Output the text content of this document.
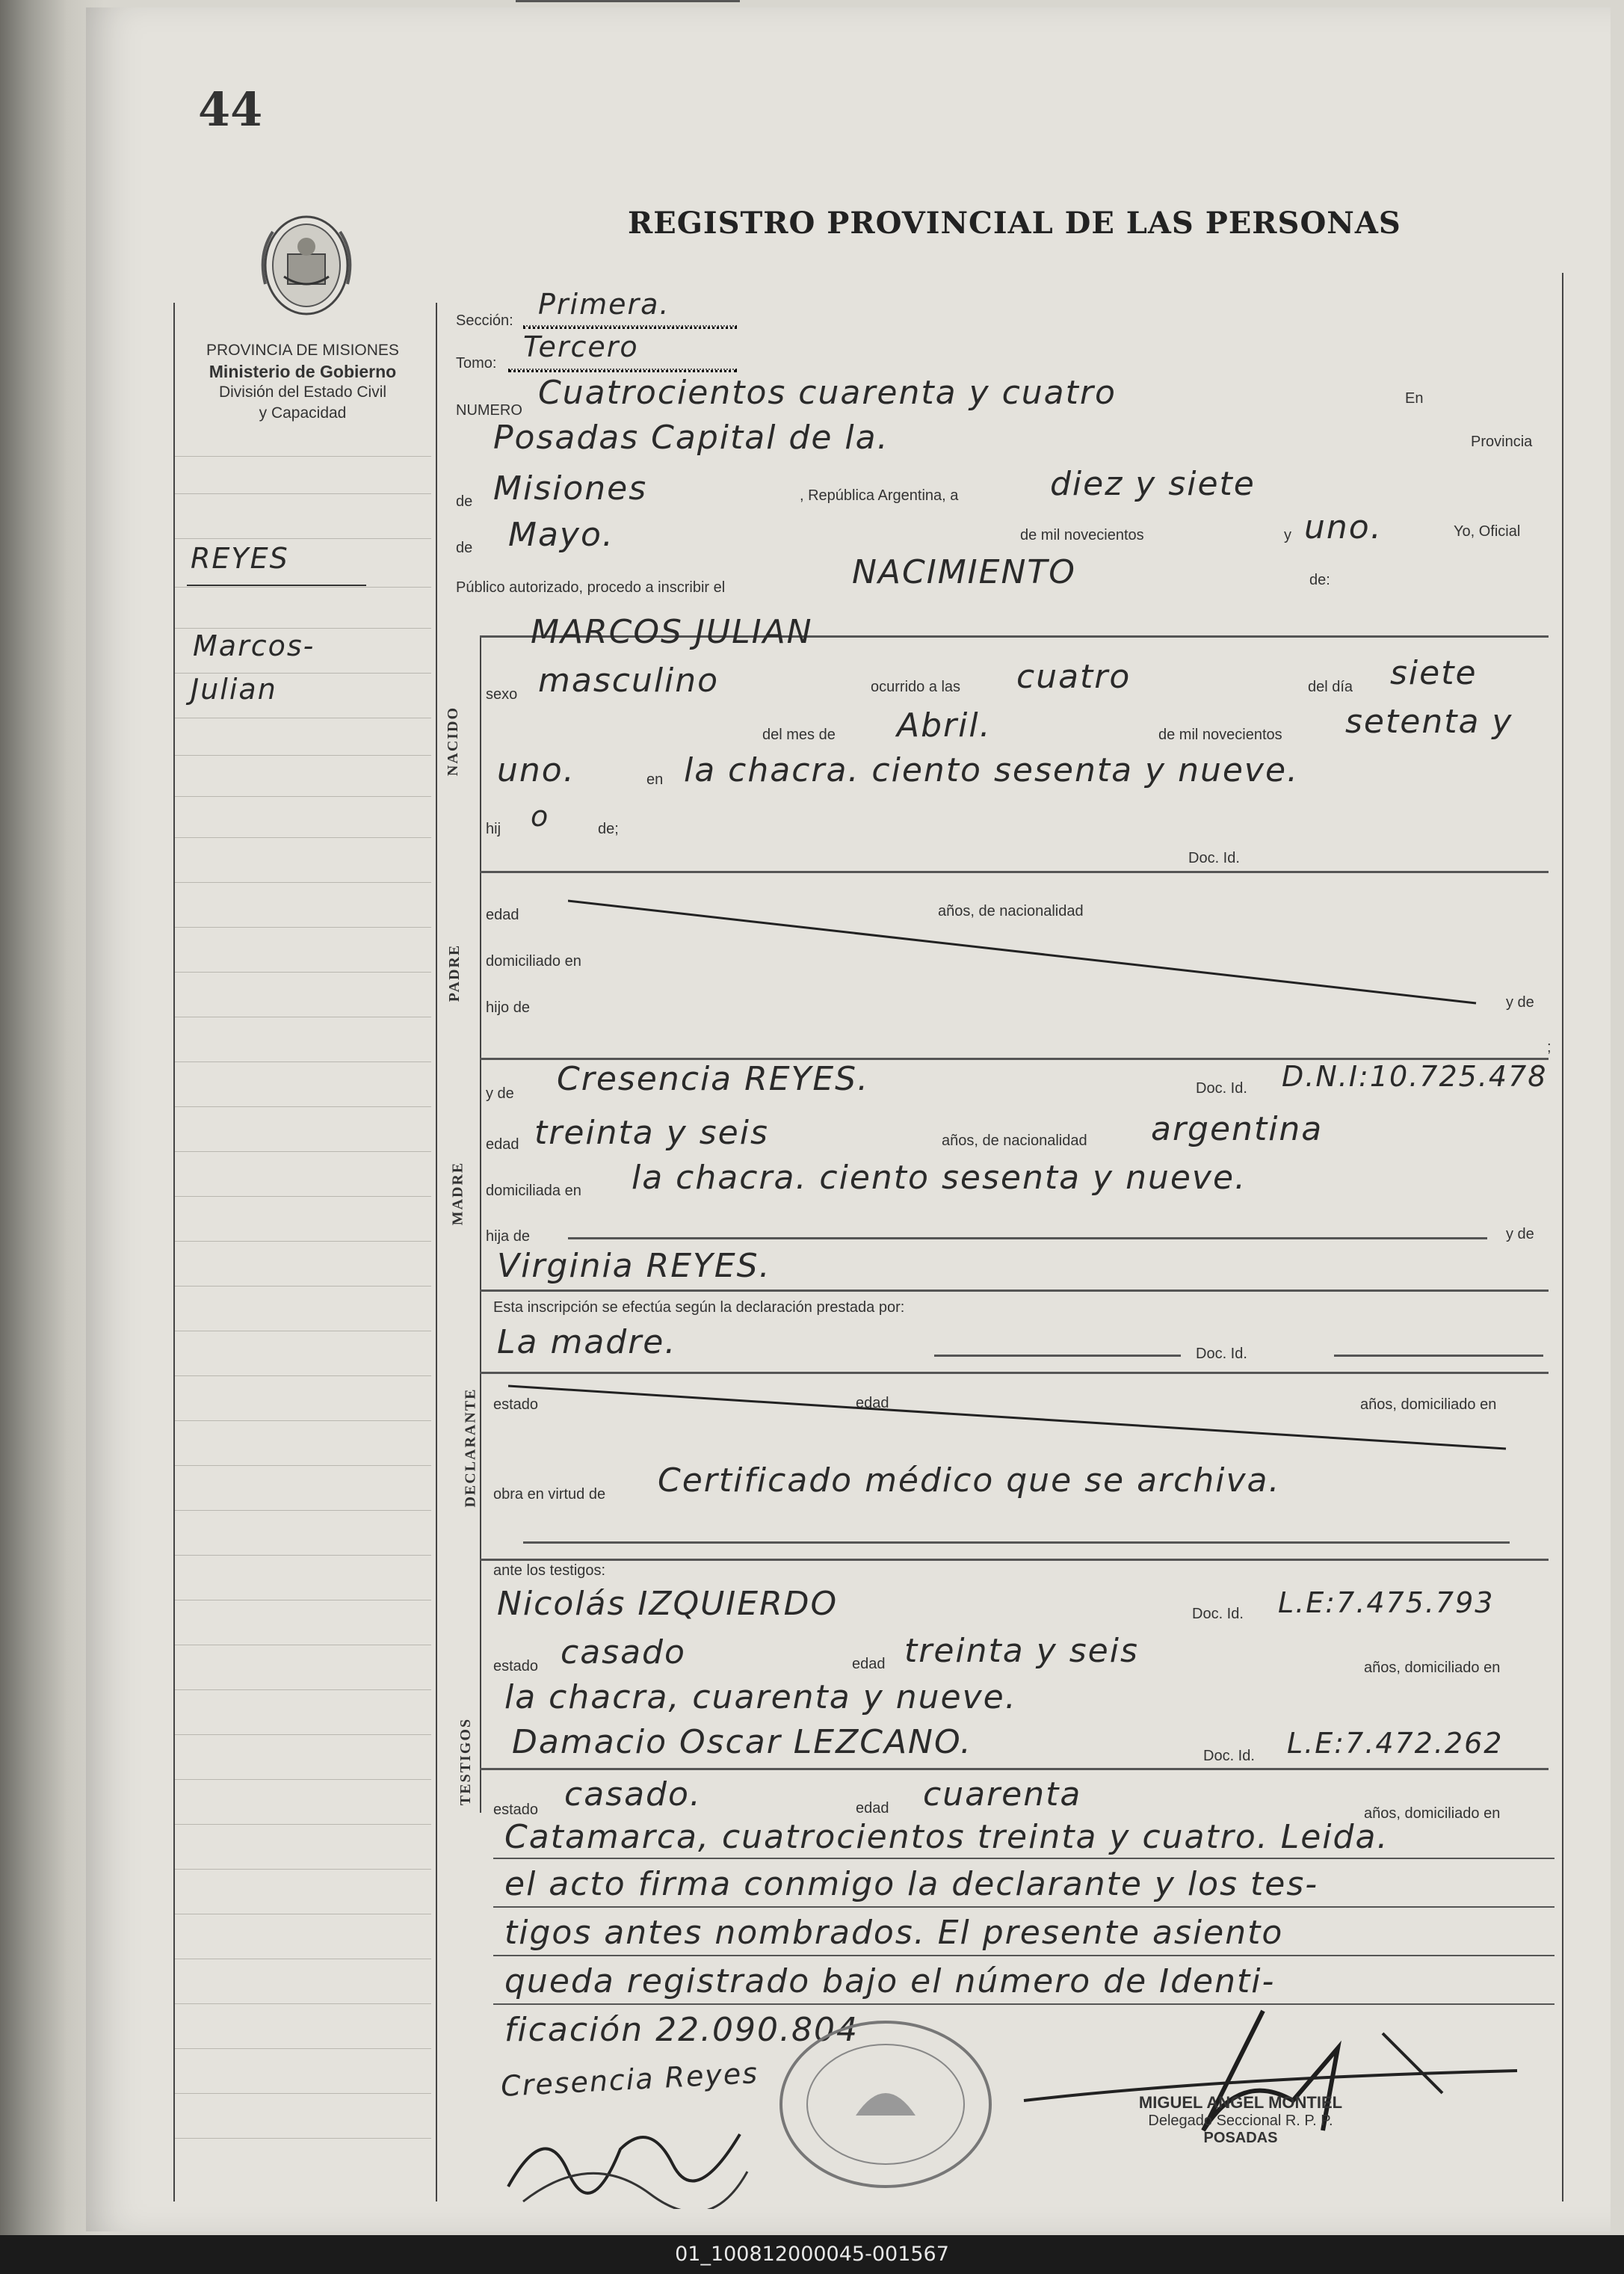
44
REGISTRO PROVINCIAL DE LAS PERSONAS
PROVINCIA DE MISIONES
Ministerio de Gobierno
División del Estado Civil
y Capacidad
REYES
Marcos-
Julian
Sección: Primera.
Tomo: Tercero
NUMERO Cuatrocientos cuarenta y cuatro	En
Posadas Capital de la.	Provincia
de Misiones	, República Argentina, a	diez y siete
de Mayo.	de mil novecientos	y uno.	Yo, Oficial
Público autorizado, procedo a inscribir el	NACIMIENTO	de:
NACIDO
MARCOS JULIAN
sexo masculino	ocurrido a las cuatro	del día siete
del mes de Abril.	de mil novecientos setenta y
uno.	en la chacra. ciento sesenta y nueve.
hij o	de;
Doc. Id.
PADRE
edad	años, de nacionalidad
domiciliado en
hijo de	y de
;
y de Cresencia REYES.	Doc. Id. D.N.I:10.725.478
MADRE
edad treinta y seis	años, de nacionalidad argentina
domiciliada en la chacra. ciento sesenta y nueve.
hija de	y de
Virginia REYES.
Esta inscripción se efectúa según la declaración prestada por:
La madre.	Doc. Id.
DECLARANTE estado	edad	años, domiciliado en
obra en virtud de Certificado médico que se archiva.
ante los testigos:
Nicolás IZQUIERDO	Doc. Id. L.E:7.475.793
TESTIGOS
estado casado	edad treinta y seis	años, domiciliado en
la chacra, cuarenta y nueve.
Damacio Oscar LEZCANO.	Doc. Id. L.E:7.472.262
estado casado.	edad cuarenta	años, domiciliado en
Catamarca, cuatrocientos treinta y cuatro. Leida.
el acto firma conmigo la declarante y los tes-
tigos antes nombrados. El presente asiento
queda registrado bajo el número de Identi-
ficación 22.090.804
Cresencia Reyes	MIGUEL ANGEL MONTIEL
Delegado Seccional R. P. P.
POSADAS
01_100812000045-001567
